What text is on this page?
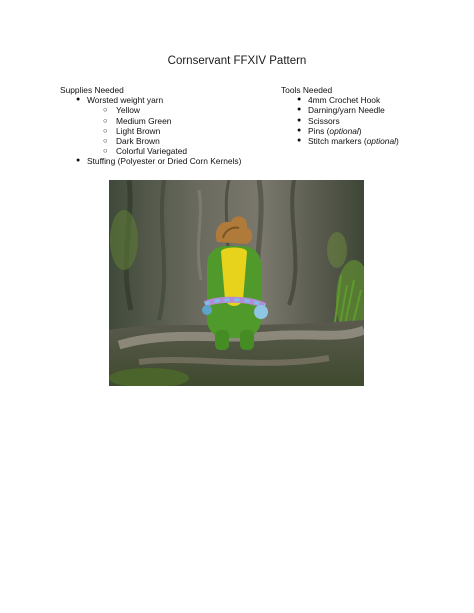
Cornservant FFXIV Pattern

Supplies Needed

● Worsted weight yarn
○ Yellow
○ Medium Green
○ Light Brown
○ Dark Brown
○ Colorful Variegated
● Stuffing (Polyester or Dried Corn Kernels)

Tools Needed

● 4mm Crochet Hook
● Darning/yarn Needle
● Scissors
● Pins (optional)
● Stitch markers (optional)
